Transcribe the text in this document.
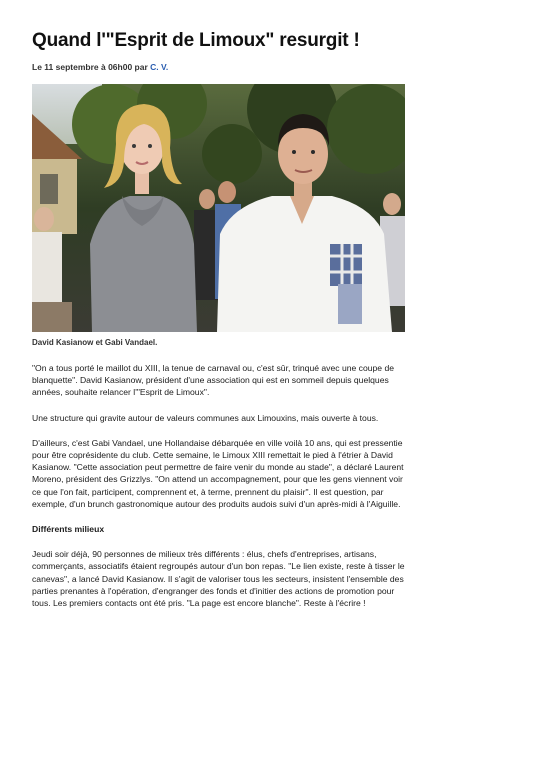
Quand l'"Esprit de Limoux" resurgit !
Le 11 septembre à 06h00 par C. V.
David Kasianow et Gabi Vandael.

"On a tous porté le maillot du XIII, la tenue de carnaval ou, c'est sûr, trinqué avec une coupe de blanquette". David Kasianow, président d'une association qui est en sommeil depuis quelques années, souhaite relancer l'"Esprit de Limoux".

Une structure qui gravite autour de valeurs communes aux Limouxins, mais ouverte à tous.

D'ailleurs, c'est Gabi Vandael, une Hollandaise débarquée en ville voilà 10 ans, qui est pressentie pour être coprésidente du club. Cette semaine, le Limoux XIII remettait le pied à l'étrier à David Kasianow. "Cette association peut permettre de faire venir du monde au stade", a déclaré Laurent Moreno, président des Grizzlys. "On attend un accompagnement, pour que les gens viennent voir ce que l'on fait, participent, comprennent et, à terme, prennent du plaisir". Il est question, par exemple, d'un brunch gastronomique autour des produits audois suivi d'un après-midi à l'Aiguille.

Différents milieux

Jeudi soir déjà, 90 personnes de milieux très différents : élus, chefs d'entreprises, artisans, commerçants, associatifs étaient regroupés autour d'un bon repas. "Le lien existe, reste à tisser le canevas", a lancé David Kasianow. Il s'agit de valoriser tous les secteurs, insistent l'ensemble des parties prenantes à l'opération, d'engranger des fonds et d'initier des actions de promotion pour tous. Les premiers contacts ont été pris. "La page est encore blanche". Reste à l'écrire !
